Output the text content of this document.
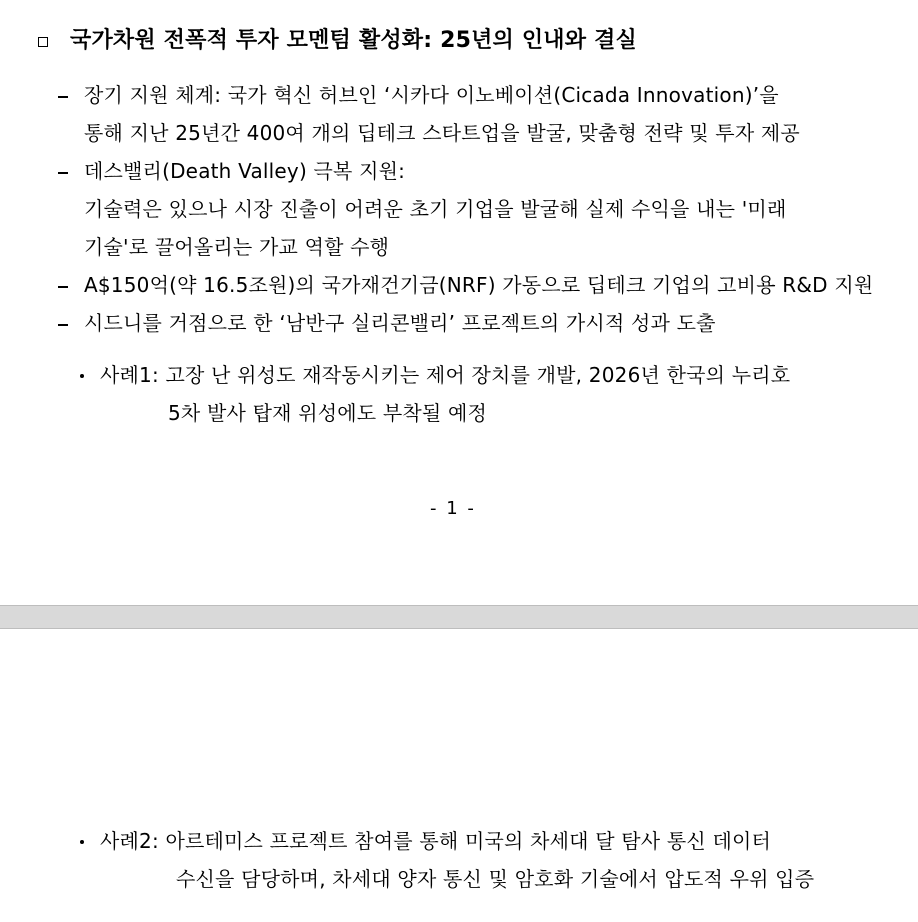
국가차원 전폭적 투자 모멘텀 활성화: 25년의 인내와 결실
장기 지원 체계: 국가 혁신 허브인 ‘시카다 이노베이션(Cicada Innovation)’을
통해 지난 25년간 400여 개의 딥테크 스타트업을 발굴, 맞춤형 전략 및 투자 제공
데스밸리(Death Valley) 극복 지원:
기술력은 있으나 시장 진출이 어려운 초기 기업을 발굴해 실제 수익을 내는 '미래
기술'로 끌어올리는 가교 역할 수행
A$150억(약 16.5조원)의 국가재건기금(NRF) 가동으로 딥테크 기업의 고비용 R&D 지원
시드니를 거점으로 한 ‘남반구 실리콘밸리’ 프로젝트의 가시적 성과 도출
사례1: 고장 난 위성도 재작동시키는 제어 장치를 개발, 2026년 한국의 누리호
5차 발사 탑재 위성에도 부착될 예정
- 1 -
사례2: 아르테미스 프로젝트 참여를 통해 미국의 차세대 달 탐사 통신 데이터
수신을 담당하며, 차세대 양자 통신 및 암호화 기술에서 압도적 우위 입증
